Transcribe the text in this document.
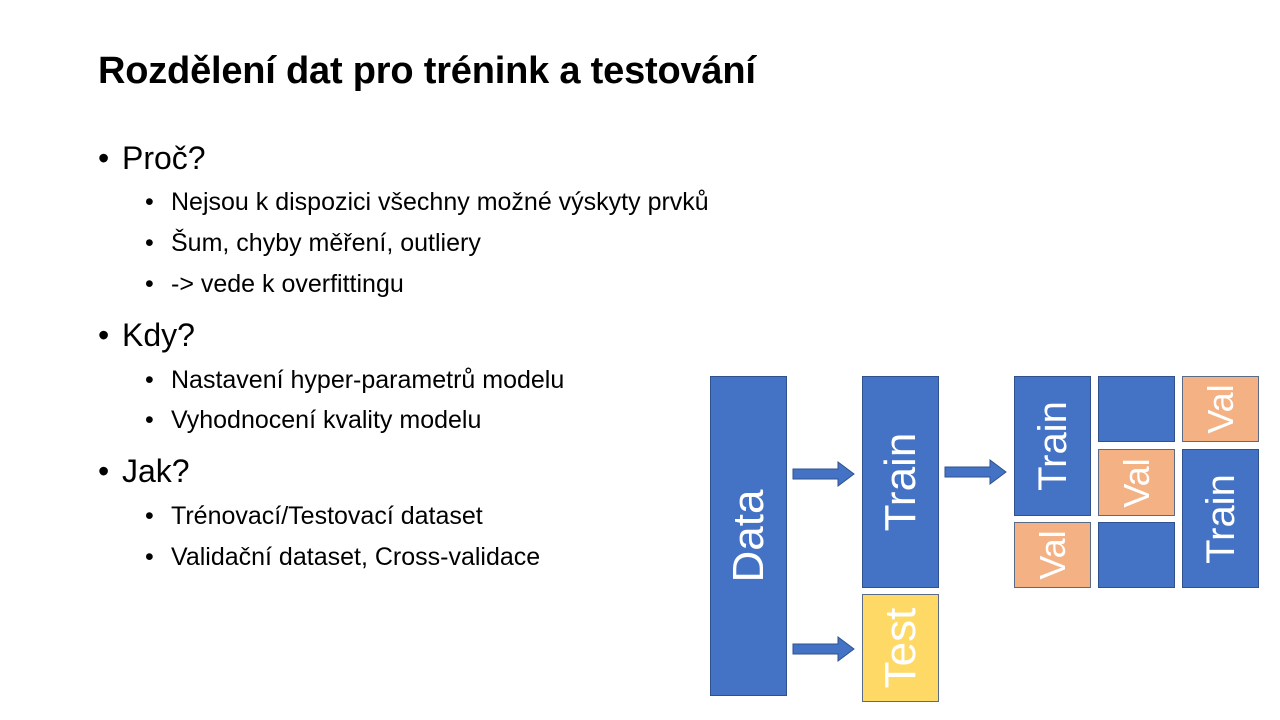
Rozdělení dat pro trénink a testování
• Proč?
• Nejsou k dispozici všechny možné výskyty prvků
• Šum, chyby měření, outliery
• -> vede k overfittingu
• Kdy?
• Nastavení hyper-parametrů modelu
• Vyhodnocení kvality modelu
• Jak?
• Trénovací/Testovací dataset
• Validační dataset, Cross-validace	Data
Train
Test
Train
Val
Val
Val
Train
